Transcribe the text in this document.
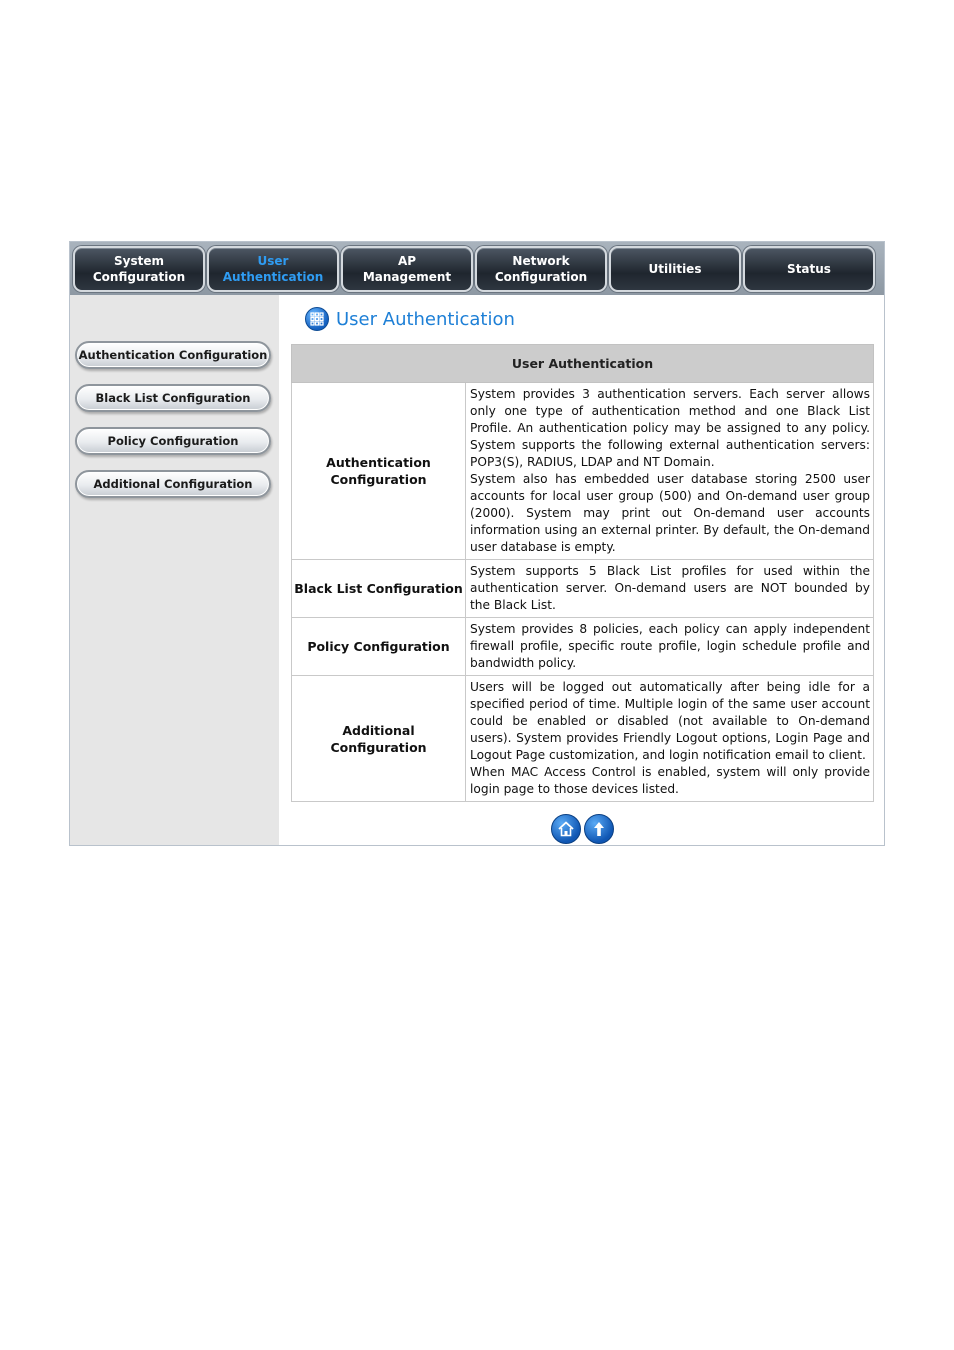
System
Configuration
User
Authentication
AP
Management
Network
Configuration
Utilities	Status
Authentication Configuration
Black List Configuration
Policy Configuration
Additional Configuration
User Authentication
User Authentication	
Authentication Configuration	System provides 3 authentication servers. Each server allows only one type of authentication method and one Black List Profile. An authentication policy may be assigned to any policy. System supports the following external authentication servers: POP3(S), RADIUS, LDAP and NT Domain.

System also has embedded user database storing 2500 user accounts for local user group (500) and On-demand user group (2000). System may print out On-demand user accounts information using an external printer. By default, the On-demand user database is empty.

Black List Configuration	System supports 5 Black List profiles for used within the authentication server. On-demand users are NOT bounded by the Black List.

Policy Configuration	System provides 8 policies, each policy can apply independent firewall profile, specific route profile, login schedule profile and bandwidth policy.

Additional Configuration	Users will be logged out automatically after being idle for a specified period of time. Multiple login of the same user account could be enabled or disabled (not available to On-demand users). System provides Friendly Logout options, Login Page and Logout Page customization, and login notification email to client.

When MAC Access Control is enabled, system will only provide login page to those devices listed.
